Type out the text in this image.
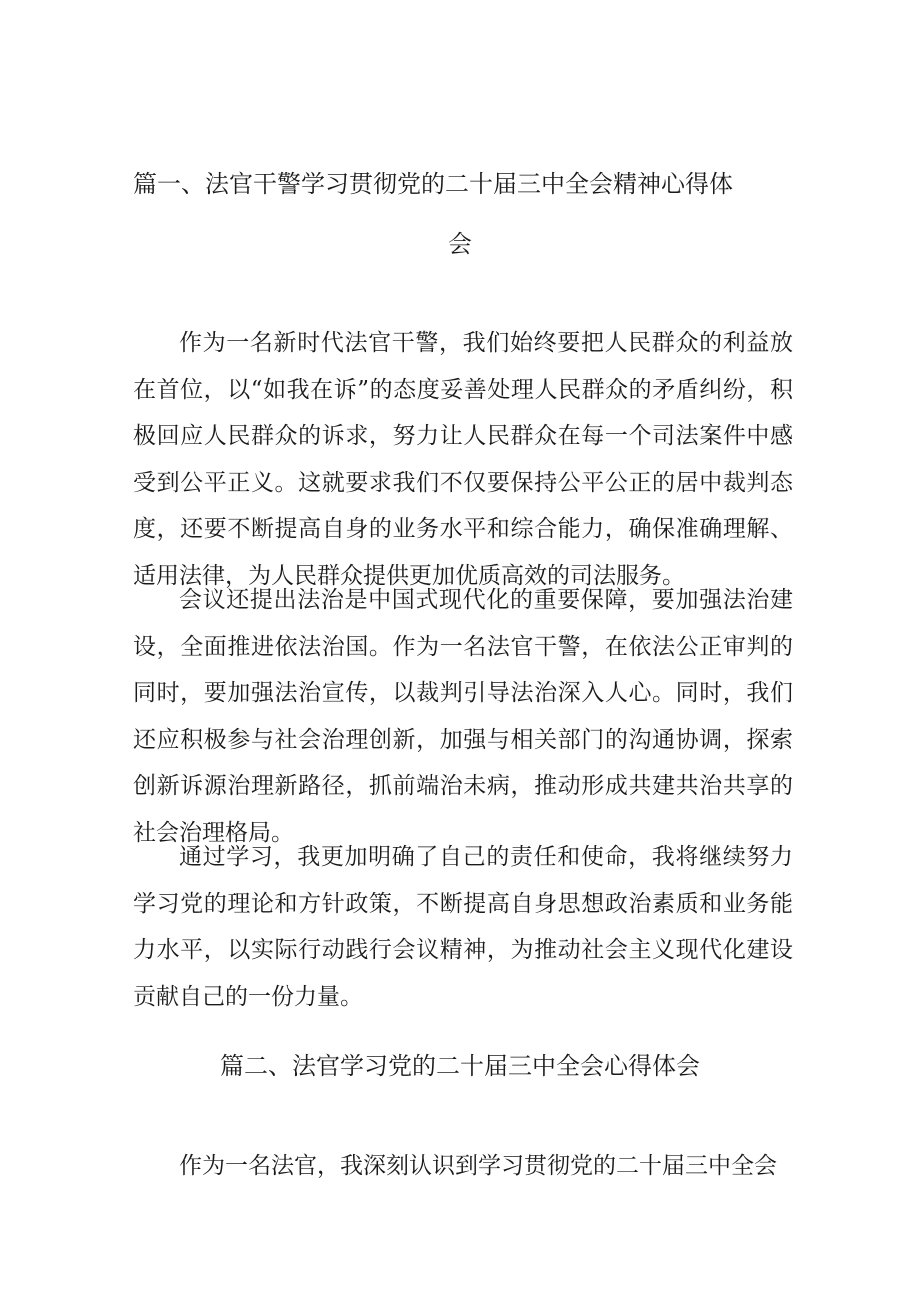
篇一、法官干警学习贯彻党的二十届三中全会精神心得体
会

作为一名新时代法官干警，我们始终要把人民群众的利益放在首位，以“如我在诉”的态度妥善处理人民群众的矛盾纠纷，积极回应人民群众的诉求，努力让人民群众在每一个司法案件中感受到公平正义。这就要求我们不仅要保持公平公正的居中裁判态度，还要不断提高自身的业务水平和综合能力，确保准确理解、适用法律，为人民群众提供更加优质高效的司法服务。

会议还提出法治是中国式现代化的重要保障，要加强法治建设，全面推进依法治国。作为一名法官干警，在依法公正审判的同时，要加强法治宣传，以裁判引导法治深入人心。同时，我们还应积极参与社会治理创新，加强与相关部门的沟通协调，探索创新诉源治理新路径，抓前端治未病，推动形成共建共治共享的社会治理格局。

通过学习，我更加明确了自己的责任和使命，我将继续努力学习党的理论和方针政策，不断提高自身思想政治素质和业务能力水平，以实际行动践行会议精神，为推动社会主义现代化建设贡献自己的一份力量。

篇二、法官学习党的二十届三中全会心得体会

作为一名法官，我深刻认识到学习贯彻党的二十届三中全会
